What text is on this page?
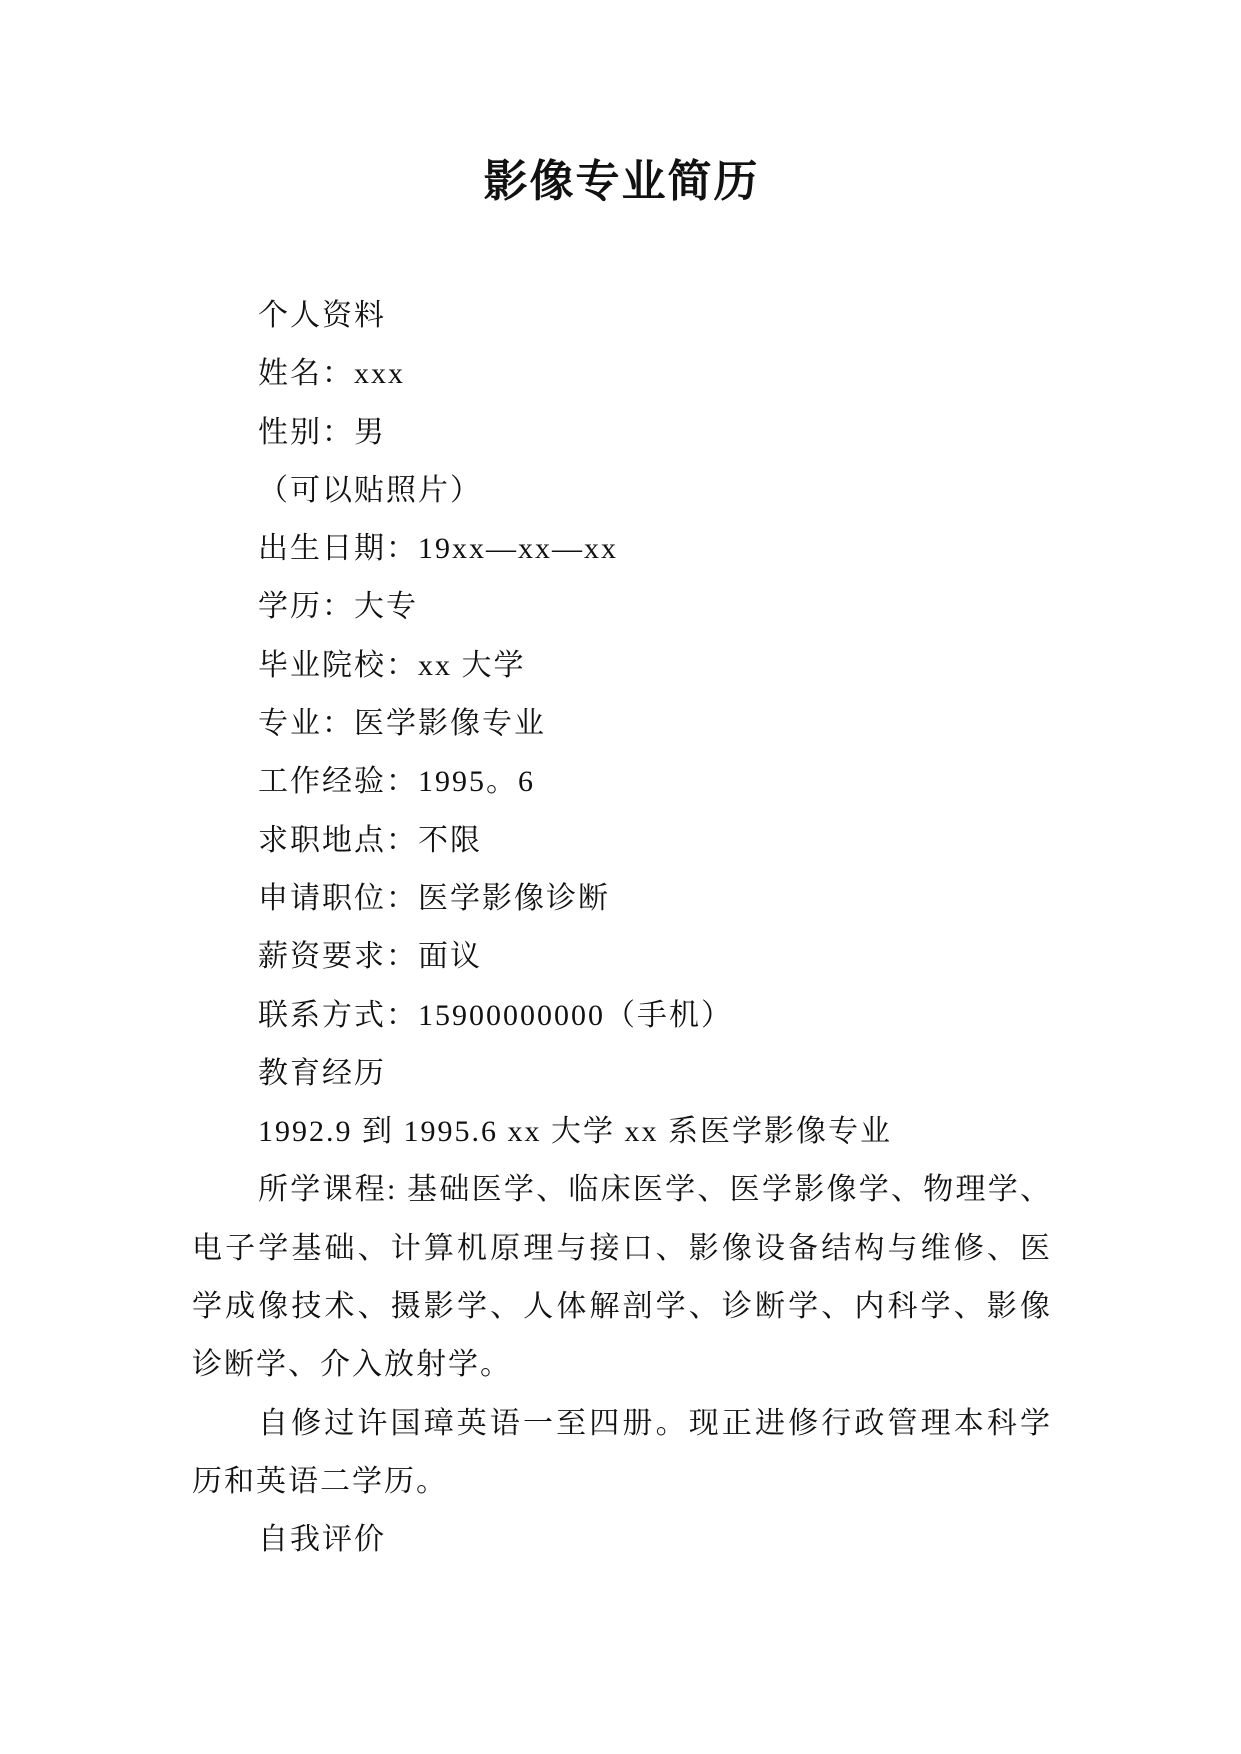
影像专业简历
个人资料
姓名：xxx
性别：男
（可以贴照片）
出生日期：19xx—xx—xx
学历：大专
毕业院校：xx 大学
专业：医学影像专业
工作经验：1995。6
求职地点：不限
申请职位：医学影像诊断
薪资要求：面议
联系方式：15900000000（手机）
教育经历
1992.9 到 1995.6 xx 大学 xx 系医学影像专业

所学课程: 基础医学、临床医学、医学影像学、物理学、电子学基础、计算机原理与接口、影像设备结构与维修、医学成像技术、摄影学、人体解剖学、诊断学、内科学、影像诊断学、介入放射学。

自修过许国璋英语一至四册。现正进修行政管理本科学历和英语二学历。

自我评价
